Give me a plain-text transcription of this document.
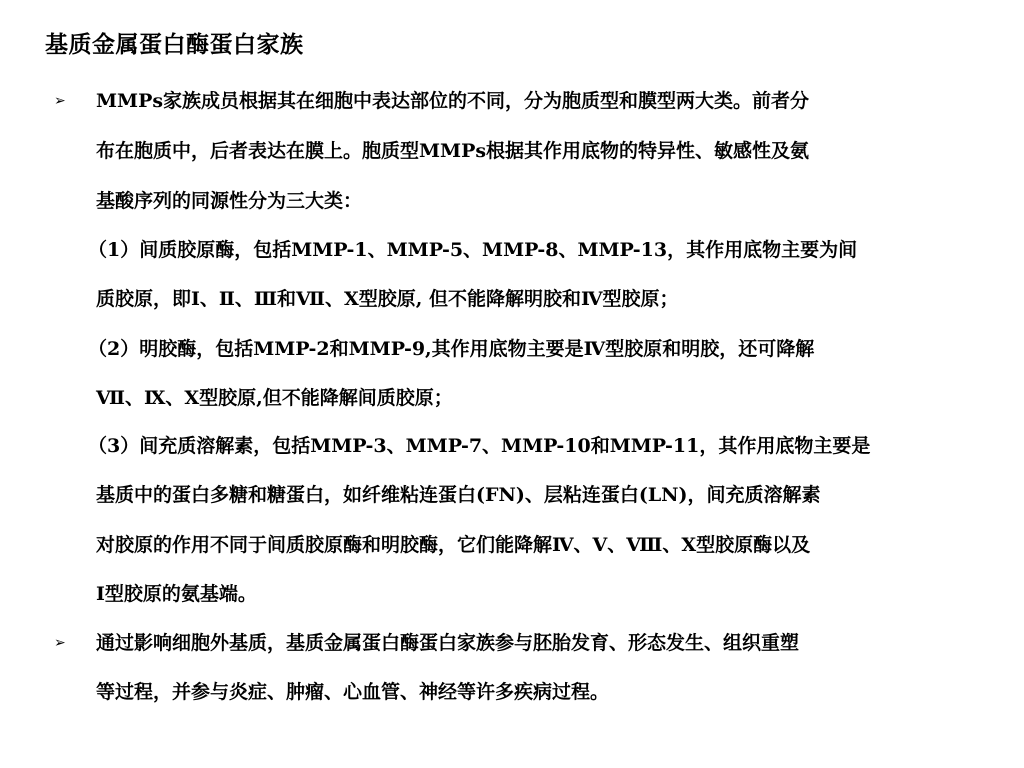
基质金属蛋白酶蛋白家族
➢ MMPs家族成员根据其在细胞中表达部位的不同，分为胞质型和膜型两大类。前者分
布在胞质中，后者表达在膜上。胞质型MMPs根据其作用底物的特异性、敏感性及氨
基酸序列的同源性分为三大类：
（1）间质胶原酶，包括MMP-1、MMP-5、MMP-8、MMP-13，其作用底物主要为间
质胶原，即Ⅰ、Ⅱ、Ⅲ和Ⅶ、Ⅹ型胶原, 但不能降解明胶和Ⅳ型胶原；
（2）明胶酶，包括MMP-2和MMP-9,其作用底物主要是Ⅳ型胶原和明胶，还可降解
Ⅶ、Ⅸ、Ⅹ型胶原,但不能降解间质胶原；
（3）间充质溶解素，包括MMP-3、MMP-7、MMP-10和MMP-11，其作用底物主要是
基质中的蛋白多糖和糖蛋白，如纤维粘连蛋白(FN)、层粘连蛋白(LN)，间充质溶解素
对胶原的作用不同于间质胶原酶和明胶酶，它们能降解Ⅳ、Ⅴ、Ⅷ、Ⅹ型胶原酶以及
Ⅰ型胶原的氨基端。
➢ 通过影响细胞外基质，基质金属蛋白酶蛋白家族参与胚胎发育、形态发生、组织重塑
等过程，并参与炎症、肿瘤、心血管、神经等许多疾病过程。
